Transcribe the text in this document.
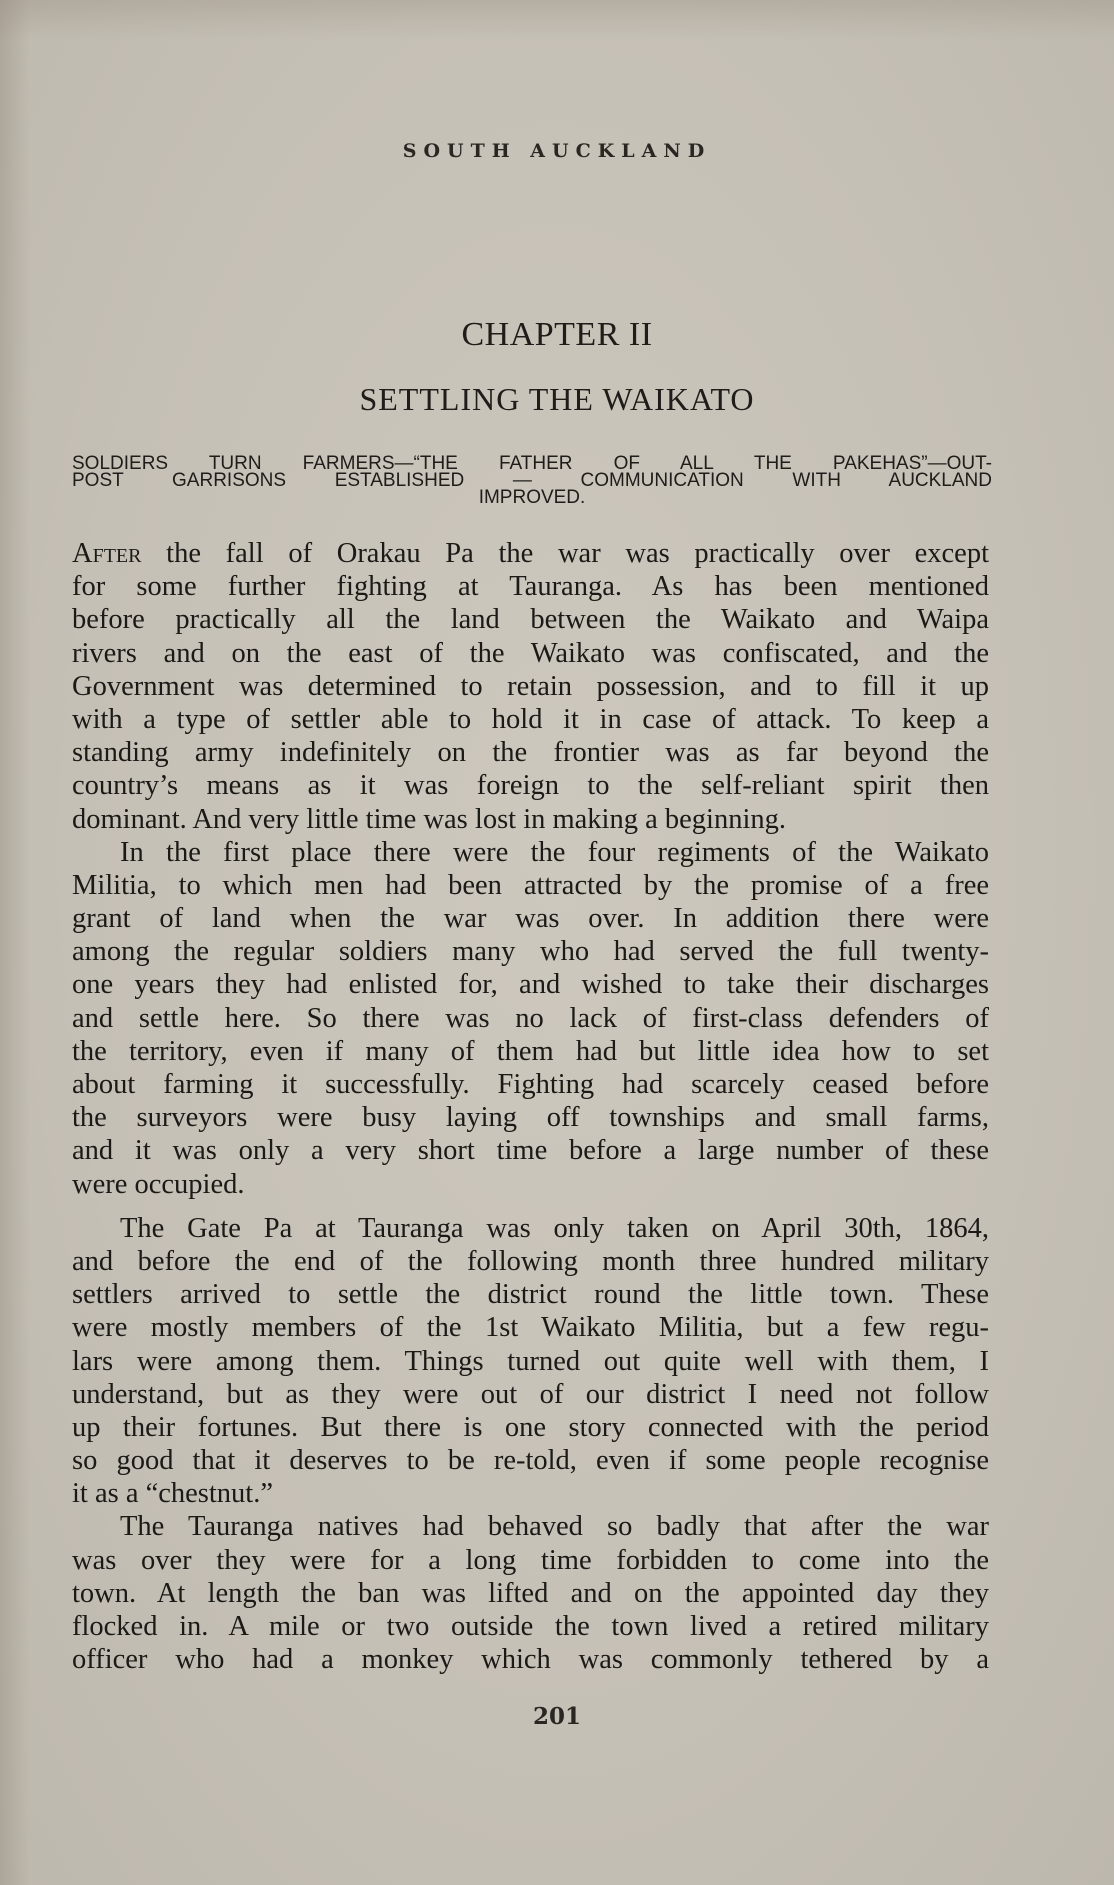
SOUTH AUCKLAND
CHAPTER II
SETTLING THE WAIKATO
SOLDIERS TURN FARMERS—“THE FATHER OF ALL THE PAKEHAS”—OUT-
POST GARRISONS ESTABLISHED — COMMUNICATION WITH AUCKLAND
IMPROVED.
After the fall of Orakau Pa the war was practically over except
for some further fighting at Tauranga. As has been mentioned
before practically all the land between the Waikato and Waipa
rivers and on the east of the Waikato was confiscated, and the
Government was determined to retain possession, and to fill it up
with a type of settler able to hold it in case of attack. To keep a
standing army indefinitely on the frontier was as far beyond the
country’s means as it was foreign to the self-reliant spirit then
dominant. And very little time was lost in making a beginning.
In the first place there were the four regiments of the Waikato
Militia, to which men had been attracted by the promise of a free
grant of land when the war was over. In addition there were
among the regular soldiers many who had served the full twenty-
one years they had enlisted for, and wished to take their discharges
and settle here. So there was no lack of first-class defenders of
the territory, even if many of them had but little idea how to set
about farming it successfully. Fighting had scarcely ceased before
the surveyors were busy laying off townships and small farms,
and it was only a very short time before a large number of these
were occupied.
The Gate Pa at Tauranga was only taken on April 30th, 1864,
and before the end of the following month three hundred military
settlers arrived to settle the district round the little town. These
were mostly members of the 1st Waikato Militia, but a few regu-
lars were among them. Things turned out quite well with them, I
understand, but as they were out of our district I need not follow
up their fortunes. But there is one story connected with the period
so good that it deserves to be re-told, even if some people recognise
it as a “chestnut.”
The Tauranga natives had behaved so badly that after the war
was over they were for a long time forbidden to come into the
town. At length the ban was lifted and on the appointed day they
flocked in. A mile or two outside the town lived a retired military
officer who had a monkey which was commonly tethered by a
201
